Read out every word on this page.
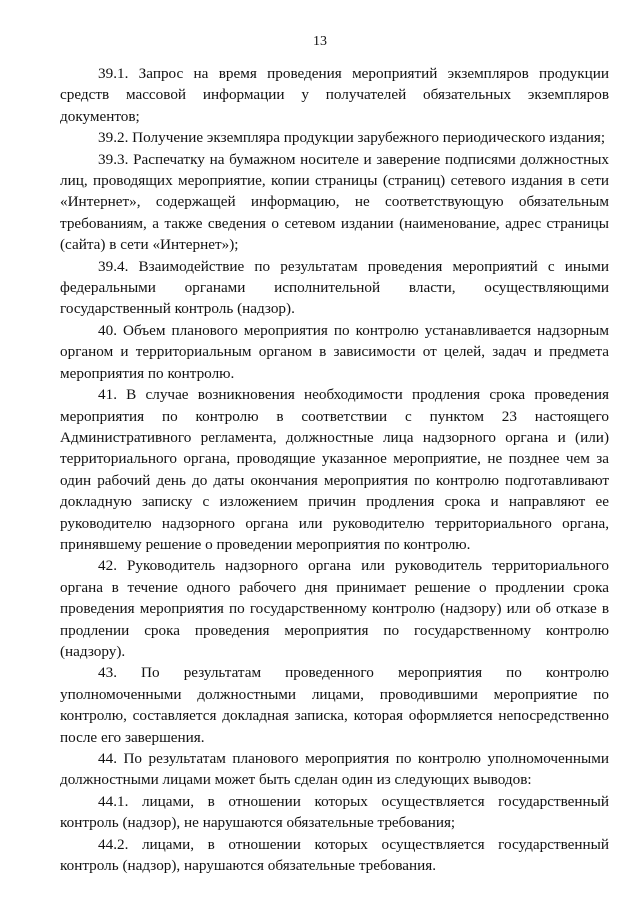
13

39.1. Запрос на время проведения мероприятий экземпляров продукции средств массовой информации у получателей обязательных экземпляров документов;

39.2. Получение экземпляра продукции зарубежного периодического издания;

39.3. Распечатку на бумажном носителе и заверение подписями должностных лиц, проводящих мероприятие, копии страницы (страниц) сетевого издания в сети «Интернет», содержащей информацию, не соответствующую обязательным требованиям, а также сведения о сетевом издании (наименование, адрес страницы (сайта) в сети «Интернет»);

39.4. Взаимодействие по результатам проведения мероприятий с иными федеральными органами исполнительной власти, осуществляющими государственный контроль (надзор).

40. Объем планового мероприятия по контролю устанавливается надзорным органом и территориальным органом в зависимости от целей, задач и предмета мероприятия по контролю.

41. В случае возникновения необходимости продления срока проведения мероприятия по контролю в соответствии с пунктом 23 настоящего Административного регламента, должностные лица надзорного органа и (или) территориального органа, проводящие указанное мероприятие, не позднее чем за один рабочий день до даты окончания мероприятия по контролю подготавливают докладную записку с изложением причин продления срока и направляют ее руководителю надзорного органа или руководителю территориального органа, принявшему решение о проведении мероприятия по контролю.

42. Руководитель надзорного органа или руководитель территориального органа в течение одного рабочего дня принимает решение о продлении срока проведения мероприятия по государственному контролю (надзору) или об отказе в продлении срока проведения мероприятия по государственному контролю (надзору).

43. По результатам проведенного мероприятия по контролю уполномоченными должностными лицами, проводившими мероприятие по контролю, составляется докладная записка, которая оформляется непосредственно после его завершения.

44. По результатам планового мероприятия по контролю уполномоченными должностными лицами может быть сделан один из следующих выводов:

44.1. лицами, в отношении которых осуществляется государственный контроль (надзор), не нарушаются обязательные требования;

44.2. лицами, в отношении которых осуществляется государственный контроль (надзор), нарушаются обязательные требования.
